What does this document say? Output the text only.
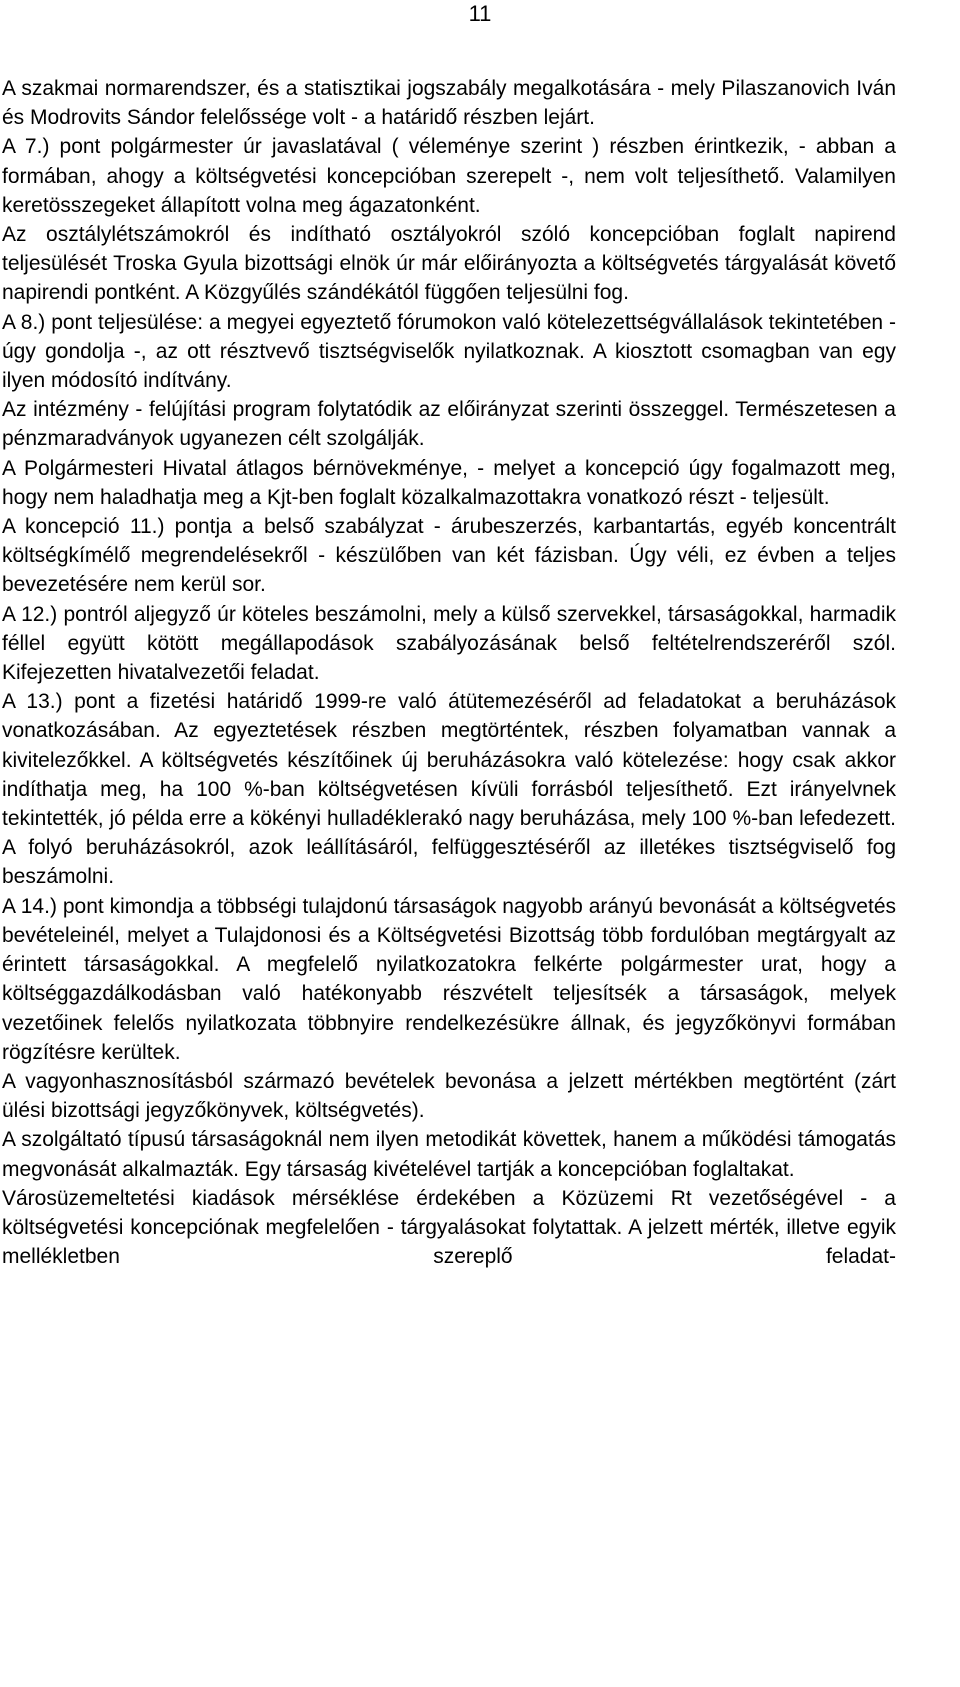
11

A szakmai normarendszer, és a statisztikai jogszabály megalkotására - mely Pilaszanovich Iván és Modrovits Sándor felelőssége volt - a határidő részben lejárt.

A 7.) pont polgármester úr javaslatával ( véleménye szerint ) részben érintkezik, - abban a formában, ahogy a költségvetési koncepcióban szerepelt -, nem volt teljesíthető. Valamilyen keretösszegeket állapított volna meg ágazatonként.

Az osztálylétszámokról és indítható osztályokról szóló koncepcióban foglalt napirend teljesülését Troska Gyula bizottsági elnök úr már előirányozta a költségvetés tárgyalását követő napirendi pontként. A Közgyűlés szándékától függően teljesülni fog.

A 8.) pont teljesülése: a megyei egyeztető fórumokon való kötelezettségvállalások tekintetében - úgy gondolja -, az ott résztvevő tisztségviselők nyilatkoznak. A kiosztott csomagban van egy ilyen módosító indítvány.

Az intézmény - felújítási program folytatódik az előirányzat szerinti összeggel. Természetesen a pénzmaradványok ugyanezen célt szolgálják.

A Polgármesteri Hivatal átlagos bérnövekménye, - melyet a koncepció úgy fogalmazott meg, hogy nem haladhatja meg a Kjt-ben foglalt közalkalmazottakra vonatkozó részt - teljesült.

A koncepció 11.) pontja a belső szabályzat - árubeszerzés, karbantartás, egyéb koncentrált költségkímélő megrendelésekről - készülőben van két fázisban. Úgy véli, ez évben a teljes bevezetésére nem kerül sor.

A 12.) pontról aljegyző úr köteles beszámolni, mely a külső szervekkel, társaságokkal, harmadik féllel együtt kötött megállapodások szabályozásának belső feltételrendszeréről szól. Kifejezetten hivatalvezetői feladat.

A 13.) pont a fizetési határidő 1999-re való átütemezéséről ad feladatokat a beruházások vonatkozásában. Az egyeztetések részben megtörténtek, részben folyamatban vannak a kivitelezőkkel. A költségvetés készítőinek új beruházásokra való kötelezése: hogy csak akkor indíthatja meg, ha 100 %-ban költségvetésen kívüli forrásból teljesíthető. Ezt irányelvnek tekintették, jó példa erre a kökényi hulladéklerakó nagy beruházása, mely 100 %-ban lefedezett. A folyó beruházásokról, azok leállításáról, felfüggesztéséről az illetékes tisztségviselő fog beszámolni.

A 14.) pont kimondja a többségi tulajdonú társaságok nagyobb arányú bevonását a költségvetés bevételeinél, melyet a Tulajdonosi és a Költségvetési Bizottság több fordulóban megtárgyalt az érintett társaságokkal. A megfelelő nyilatkozatokra felkérte polgármester urat, hogy a költséggazdálkodásban való hatékonyabb részvételt teljesítsék a társaságok, melyek vezetőinek felelős nyilatkozata többnyire rendelkezésükre állnak, és jegyzőkönyvi formában rögzítésre kerültek.

A vagyonhasznosításból származó bevételek bevonása a jelzett mértékben megtörtént (zárt ülési bizottsági jegyzőkönyvek, költségvetés).

A szolgáltató típusú társaságoknál nem ilyen metodikát követtek, hanem a működési támogatás megvonását alkalmazták. Egy társaság kivételével tartják a koncepcióban foglaltakat.

Városüzemeltetési kiadások mérséklése érdekében a Közüzemi Rt vezetőségével - a költségvetési koncepciónak megfelelően - tárgyalásokat folytattak. A jelzett mérték, illetve egyik mellékletben szereplő feladat-
